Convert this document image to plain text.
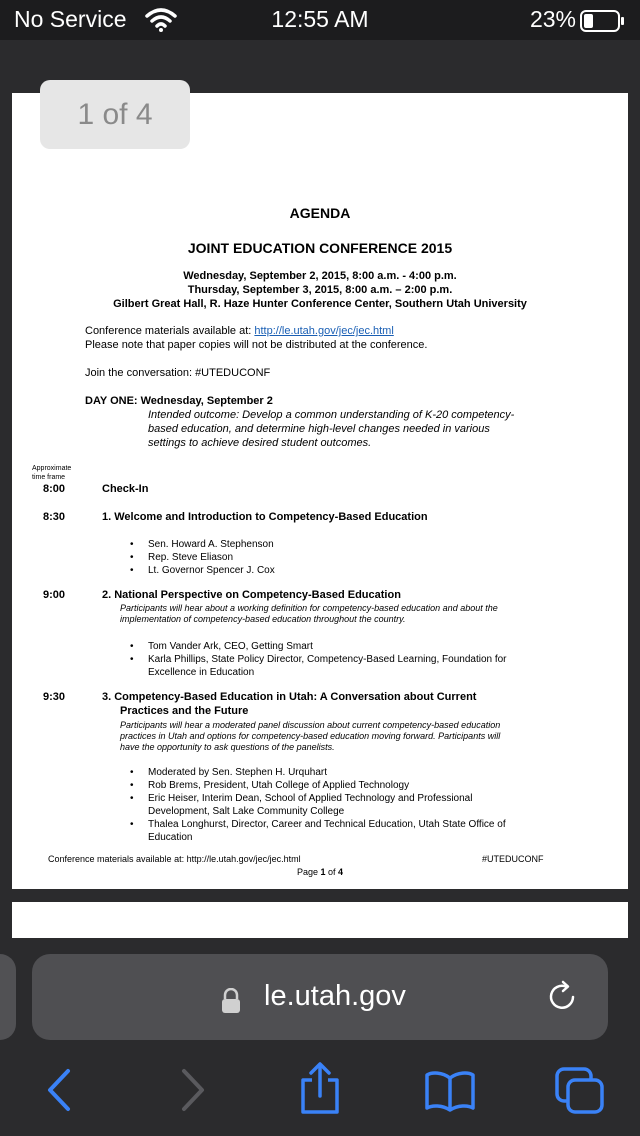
No Service	12:55 AM	23%
AGENDA
JOINT EDUCATION CONFERENCE 2015
Wednesday, September 2, 2015, 8:00 a.m. - 4:00 p.m.
Thursday, September 3, 2015, 8:00 a.m. – 2:00 p.m.
Gilbert Great Hall, R. Haze Hunter Conference Center, Southern Utah University
Conference materials available at: http://le.utah.gov/jec/jec.html
Please note that paper copies will not be distributed at the conference.
Join the conversation: #UTEDUCONF
DAY ONE: Wednesday, September 2
Intended outcome: Develop a common understanding of K-20 competency-
based education, and determine high-level changes needed in various
settings to achieve desired student outcomes.
Approximate
time frame
8:00	Check-In
8:30	1. Welcome and Introduction to Competency-Based Education
• Sen. Howard A. Stephenson
• Rep. Steve Eliason
• Lt. Governor Spencer J. Cox
9:00	2. National Perspective on Competency-Based Education
Participants will hear about a working definition for competency-based education and about the
implementation of competency-based education throughout the country.
• Tom Vander Ark, CEO, Getting Smart
• Karla Phillips, State Policy Director, Competency-Based Learning, Foundation for
Excellence in Education
9:30	3. Competency-Based Education in Utah: A Conversation about Current
Practices and the Future
Participants will hear a moderated panel discussion about current competency-based education
practices in Utah and options for competency-based education moving forward. Participants will
have the opportunity to ask questions of the panelists.
• Moderated by Sen. Stephen H. Urquhart
• Rob Brems, President, Utah College of Applied Technology
• Eric Heiser, Interim Dean, School of Applied Technology and Professional
Development, Salt Lake Community College
• Thalea Longhurst, Director, Career and Technical Education, Utah State Office of
Education
Conference materials available at: http://le.utah.gov/jec/jec.html	#UTEDUCONF
Page 1 of 4
1 of 4
le.utah.gov
